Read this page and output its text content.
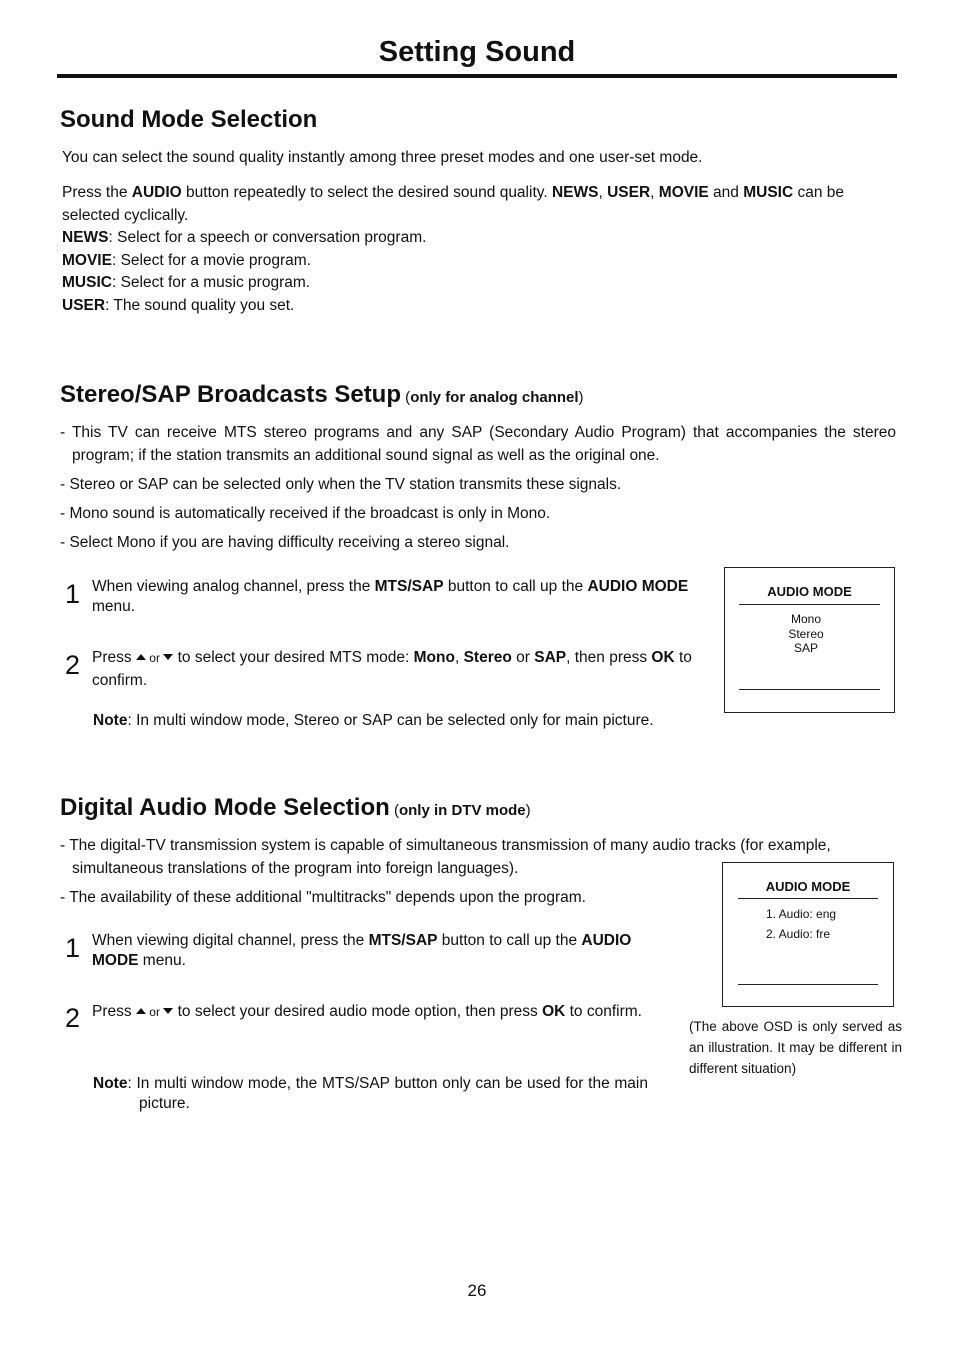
Setting Sound
Sound Mode Selection

You can select the sound quality instantly among three preset modes and one user-set mode.

Press the AUDIO button repeatedly to select the desired sound quality. NEWS, USER, MOVIE and MUSIC can be selected cyclically.
NEWS: Select for a speech or conversation program.
MOVIE: Select for a movie program.
MUSIC: Select for a music program.
USER: The sound quality you set.
Stereo/SAP Broadcasts Setup (only for analog channel)

- This TV can receive MTS stereo programs and any SAP (Secondary Audio Program) that accompanies the stereo program; if the station transmits an additional sound signal as well as the original one.

- Stereo or SAP can be selected only when the TV station transmits these signals.

- Mono sound is automatically received if the broadcast is only in Mono.

- Select Mono if you are having difficulty receiving a stereo signal.

1 When viewing analog channel, press the MTS/SAP button to call up the AUDIO MODE menu.
2 Press  or  to select your desired MTS mode: Mono, Stereo or SAP, then press OK to confirm.
Note: In multi window mode, Stereo or SAP can be selected only for main picture.
AUDIO MODE
Mono
Stereo
SAP
Digital Audio Mode Selection (only in DTV mode)

- The digital-TV transmission system is capable of simultaneous transmission of many audio tracks (for example, simultaneous translations of the program into foreign languages).

- The availability of these additional "multitracks" depends upon the program.

1 When viewing digital channel, press the MTS/SAP button to call up the AUDIO MODE menu.
2 Press  or  to select your desired audio mode option, then press OK to confirm.
Note: In multi window mode, the MTS/SAP button only can be used for the main picture.
AUDIO MODE
1. Audio: eng
2. Audio: fre
(The above OSD is only served as an illustration. It may be different in different situation)
26
